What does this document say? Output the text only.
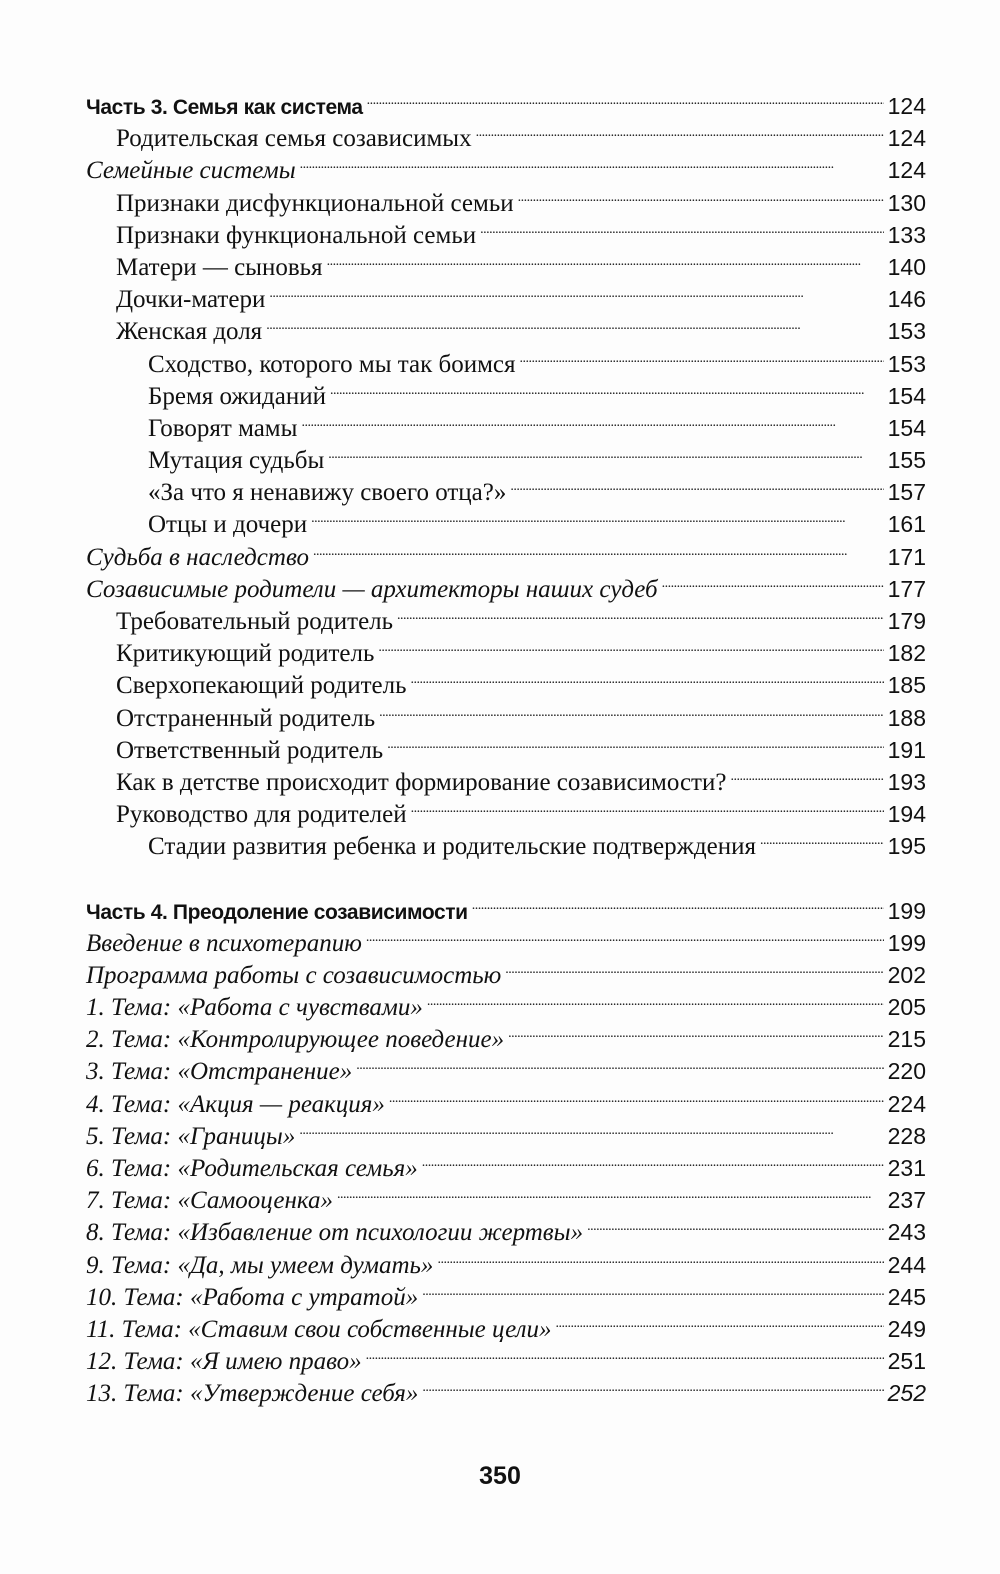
Часть 3. Семья как система . . .	124
Родительская семья созависимых . . .	124
Семейные системы . . .	124
Признаки дисфункциональной семьи . . .	130
Признаки функциональной семьи . . .	133
Матери — сыновья . . .	140
Дочки-матери . . .	146
Женская доля . . .	153
Сходство, которого мы так боимся . . .	153
Бремя ожиданий . . .	154
Говорят мамы . . .	154
Мутация судьбы . . .	155
«За что я ненавижу своего отца?» . . .	157
Отцы и дочери . . .	161
Судьба в наследство . . .	171
Созависимые родители — архитекторы наших судеб . . .	177
Требовательный родитель . . .	179
Критикующий родитель . . .	182
Сверхопекающий родитель . . .	185
Отстраненный родитель . . .	188
Ответственный родитель . . .	191
Как в детстве происходит формирование созависимости? . . .	193
Руководство для родителей . . .	194
Стадии развития ребенка и родительские подтверждения . . .	195
Часть 4. Преодоление созависимости . . .	199
Введение в психотерапию . . .	199
Программа работы с созависимостью . . .	202
1. Тема: «Работа с чувствами» . . .	205
2. Тема: «Контролирующее поведение» . . .	215
3. Тема: «Отстранение» . . .	220
4. Тема: «Акция — реакция» . . .	224
5. Тема: «Границы» . . .	228
6. Тема: «Родительская семья» . . .	231
7. Тема: «Самооценка» . . .	237
8. Тема: «Избавление от психологии жертвы» . . .	243
9. Тема: «Да, мы умеем думать» . . .	244
10. Тема: «Работа с утратой» . . .	245
11. Тема: «Ставим свои собственные цели» . . .	249
12. Тема: «Я имею право» . . .	251
13. Тема: «Утверждение себя» . . .	252
350
